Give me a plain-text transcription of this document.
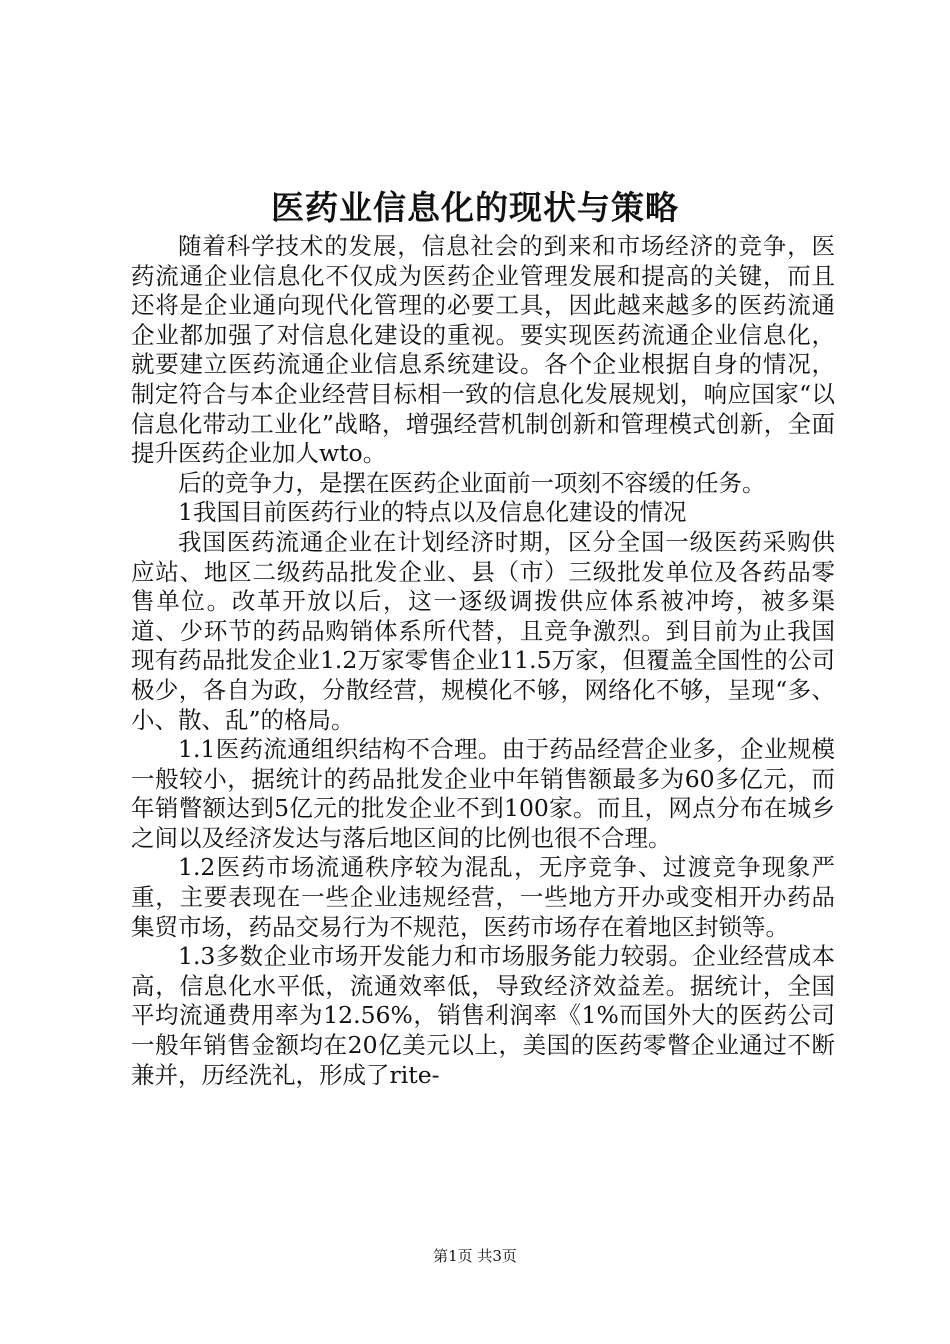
医药业信息化的现状与策略

随着科学技术的发展，信息社会的到来和市场经济的竞争，医药流通企业信息化不仅成为医药企业管理发展和提高的关键，而且还将是企业通向现代化管理的必要工具，因此越来越多的医药流通企业都加强了对信息化建设的重视。要实现医药流通企业信息化，就要建立医药流通企业信息系统建设。各个企业根据自身的情况，制定符合与本企业经营目标相一致的信息化发展规划，响应国家“以信息化带动工业化”战略，增强经营机制创新和管理模式创新，全面提升医药企业加人wto。

后的竞争力，是摆在医药企业面前一项刻不容缓的任务。

1我国目前医药行业的特点以及信息化建设的情况

我国医药流通企业在计划经济时期，区分全国一级医药采购供应站、地区二级药品批发企业、县（市）三级批发单位及各药品零售单位。改革开放以后，这一逐级调拨供应体系被冲垮，被多渠道、少环节的药品购销体系所代替，且竞争激烈。到目前为止我国现有药品批发企业1.2万家零售企业11.5万家，但覆盖全国性的公司极少，各自为政，分散经营，规模化不够，网络化不够，呈现“多、小、散、乱”的格局。

1.1医药流通组织结构不合理。由于药品经营企业多，企业规模一般较小，据统计的药品批发企业中年销售额最多为60多亿元，而年销瞥额达到5亿元的批发企业不到100家。而且，网点分布在城乡之间以及经济发达与落后地区间的比例也很不合理。

1.2医药市场流通秩序较为混乱，无序竞争、过渡竞争现象严重，主要表现在一些企业违规经营，一些地方开办或变相开办药品集贸市场，药品交易行为不规范，医药市场存在着地区封锁等。

1.3多数企业市场开发能力和市场服务能力较弱。企业经营成本高，信息化水平低，流通效率低，导致经济效益差。据统计，全国平均流通费用率为12.56%，销售利润率《1%而国外大的医药公司一般年销售金额均在20亿美元以上，美国的医药零瞥企业通过不断兼并，历经洗礼，形成了rite-

第1页 共3页
